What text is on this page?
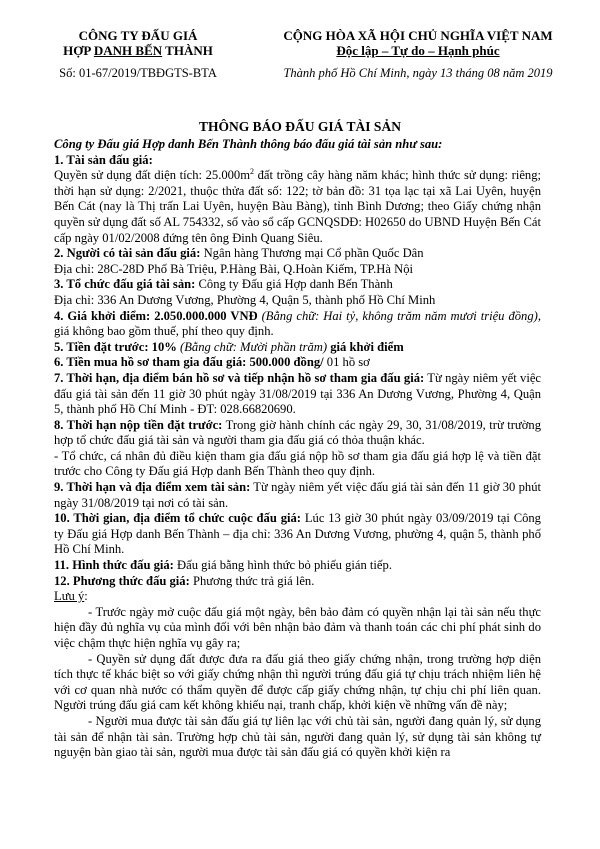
CÔNG TY ĐẤU GIÁ
HỢP DANH BẾN THÀNH
Số: 01-67/2019/TBĐGTS-BTA
CỘNG HÒA XÃ HỘI CHỦ NGHĨA VIỆT NAM
Độc lập – Tự do – Hạnh phúc
Thành phố Hồ Chí Minh, ngày 13 tháng 08 năm 2019
THÔNG BÁO ĐẤU GIÁ TÀI SẢN

Công ty Đấu giá Hợp danh Bến Thành thông báo đấu giá tài sản như sau:

1. Tài sản đấu giá:

Quyền sử dụng đất diện tích: $25.000m^2$ đất trồng cây hàng năm khác; hình thức sử dụng: riêng; thời hạn sử dụng: 2/2021, thuộc thửa đất số: 122; tờ bản đồ: 31 tọa lạc tại xã Lai Uyên, huyện Bến Cát (nay là Thị trấn Lai Uyên, huyện Bàu Bàng), tỉnh Bình Dương; theo Giấy chứng nhận quyền sử dụng đất số AL 754332, số vào sổ cấp GCNQSDĐ: H02650 do UBND Huyện Bến Cát cấp ngày 01/02/2008 đứng tên ông Đinh Quang Siêu.

2. Người có tài sản đấu giá: Ngân hàng Thương mại Cổ phần Quốc Dân

Địa chỉ: 28C-28D Phố Bà Triệu, P.Hàng Bài, Q.Hoàn Kiếm, TP.Hà Nội

3. Tổ chức đấu giá tài sản: Công ty Đấu giá Hợp danh Bến Thành

Địa chỉ: 336 An Dương Vương, Phường 4, Quận 5, thành phố Hồ Chí Minh

4. Giá khởi điểm: 2.050.000.000 VNĐ (Bằng chữ: Hai tỷ, không trăm năm mươi triệu đồng), giá không bao gồm thuế, phí theo quy định.

5. Tiền đặt trước: 10% (Bằng chữ: Mười phần trăm) giá khởi điểm

6. Tiền mua hồ sơ tham gia đấu giá: 500.000 đồng/ 01 hồ sơ

7. Thời hạn, địa điểm bán hồ sơ và tiếp nhận hồ sơ tham gia đấu giá: Từ ngày niêm yết việc đấu giá tài sản đến 11 giờ 30 phút ngày 31/08/2019 tại 336 An Dương Vương, Phường 4, Quận 5, thành phố Hồ Chí Minh - ĐT: 028.66820690.

8. Thời hạn nộp tiền đặt trước: Trong giờ hành chính các ngày 29, 30, 31/08/2019, trừ trường hợp tổ chức đấu giá tài sản và người tham gia đấu giá có thỏa thuận khác.

- Tổ chức, cá nhân đủ điều kiện tham gia đấu giá nộp hồ sơ tham gia đấu giá hợp lệ và tiền đặt trước cho Công ty Đấu giá Hợp danh Bến Thành theo quy định.

9. Thời hạn và địa điểm xem tài sản: Từ ngày niêm yết việc đấu giá tài sản đến 11 giờ 30 phút ngày 31/08/2019 tại nơi có tài sản.

10. Thời gian, địa điểm tổ chức cuộc đấu giá: Lúc 13 giờ 30 phút ngày 03/09/2019 tại Công ty Đấu giá Hợp danh Bến Thành – địa chỉ: 336 An Dương Vương, phường 4, quận 5, thành phố Hồ Chí Minh.

11. Hình thức đấu giá: Đấu giá bằng hình thức bỏ phiếu gián tiếp.

12. Phương thức đấu giá: Phương thức trả giá lên.

Lưu ý:

- Trước ngày mở cuộc đấu giá một ngày, bên bảo đảm có quyền nhận lại tài sản nếu thực hiện đầy đủ nghĩa vụ của mình đối với bên nhận bảo đảm và thanh toán các chi phí phát sinh do việc chậm thực hiện nghĩa vụ gây ra;

- Quyền sử dụng đất được đưa ra đấu giá theo giấy chứng nhận, trong trường hợp diện tích thực tế khác biệt so với giấy chứng nhận thì người trúng đấu giá tự chịu trách nhiệm liên hệ với cơ quan nhà nước có thẩm quyền để được cấp giấy chứng nhận, tự chịu chi phí liên quan. Người trúng đấu giá cam kết không khiếu nại, tranh chấp, khởi kiện về những vấn đề này;

- Người mua được tài sản đấu giá tự liên lạc với chủ tài sản, người đang quản lý, sử dụng tài sản để nhận tài sản. Trường hợp chủ tài sản, người đang quản lý, sử dụng tài sản không tự nguyện bàn giao tài sản, người mua được tài sản đấu giá có quyền khởi kiện ra
